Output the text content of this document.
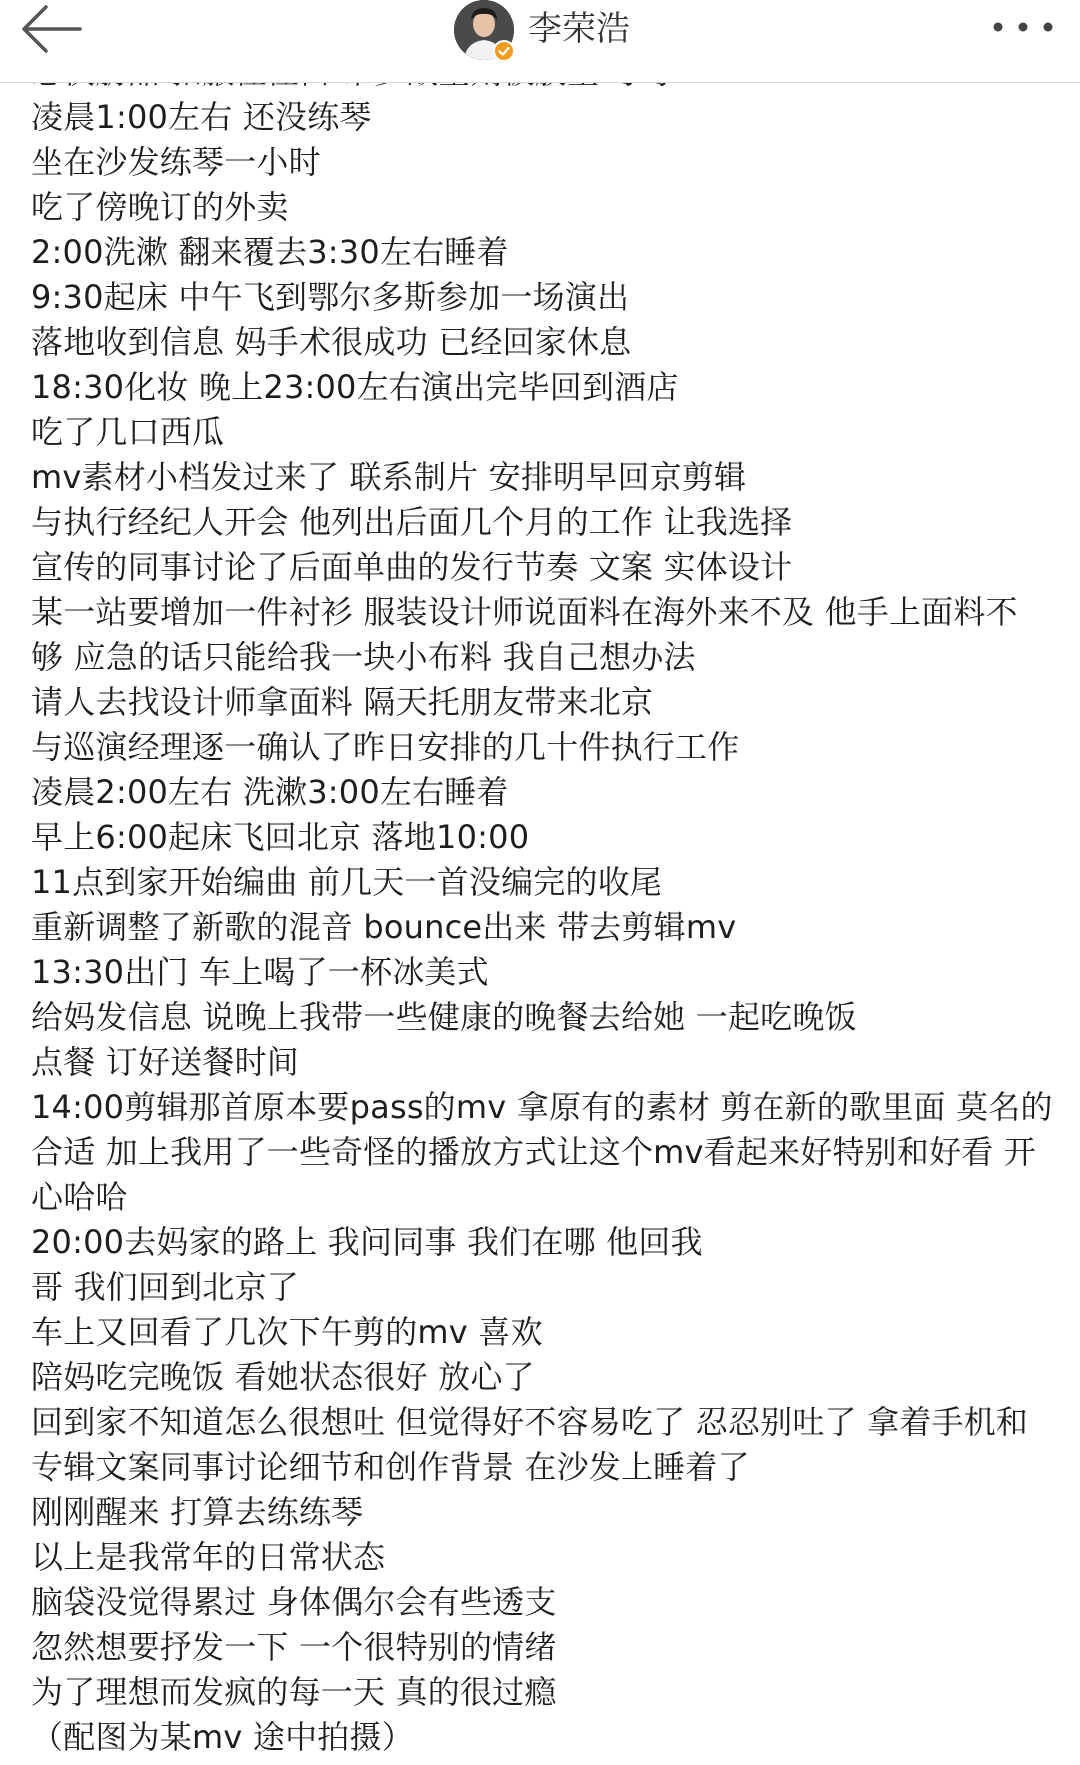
李荣浩
凌晨1:00左右 还没练琴
坐在沙发练琴一小时
吃了傍晚订的外卖
2:00洗漱 翻来覆去3:30左右睡着
9:30起床 中午飞到鄂尔多斯参加一场演出
落地收到信息 妈手术很成功 已经回家休息
18:30化妆 晚上23:00左右演出完毕回到酒店
吃了几口西瓜
mv素材小档发过来了 联系制片 安排明早回京剪辑
与执行经纪人开会 他列出后面几个月的工作 让我选择
宣传的同事讨论了后面单曲的发行节奏 文案 实体设计
某一站要增加一件衬衫 服装设计师说面料在海外来不及 他手上面料不
够 应急的话只能给我一块小布料 我自己想办法
请人去找设计师拿面料 隔天托朋友带来北京
与巡演经理逐一确认了昨日安排的几十件执行工作
凌晨2:00左右 洗漱3:00左右睡着
早上6:00起床飞回北京 落地10:00
11点到家开始编曲 前几天一首没编完的收尾
重新调整了新歌的混音 bounce出来 带去剪辑mv
13:30出门 车上喝了一杯冰美式
给妈发信息 说晚上我带一些健康的晚餐去给她 一起吃晚饭
点餐 订好送餐时间
14:00剪辑那首原本要pass的mv 拿原有的素材 剪在新的歌里面 莫名的
合适 加上我用了一些奇怪的播放方式让这个mv看起来好特别和好看 开
心哈哈
20:00去妈家的路上 我问同事 我们在哪 他回我
哥 我们回到北京了
车上又回看了几次下午剪的mv 喜欢
陪妈吃完晚饭 看她状态很好 放心了
回到家不知道怎么很想吐 但觉得好不容易吃了 忍忍别吐了 拿着手机和
专辑文案同事讨论细节和创作背景 在沙发上睡着了
刚刚醒来 打算去练练琴
以上是我常年的日常状态
脑袋没觉得累过 身体偶尔会有些透支
忽然想要抒发一下 一个很特别的情绪
为了理想而发疯的每一天 真的很过瘾
（配图为某mv 途中拍摄）
